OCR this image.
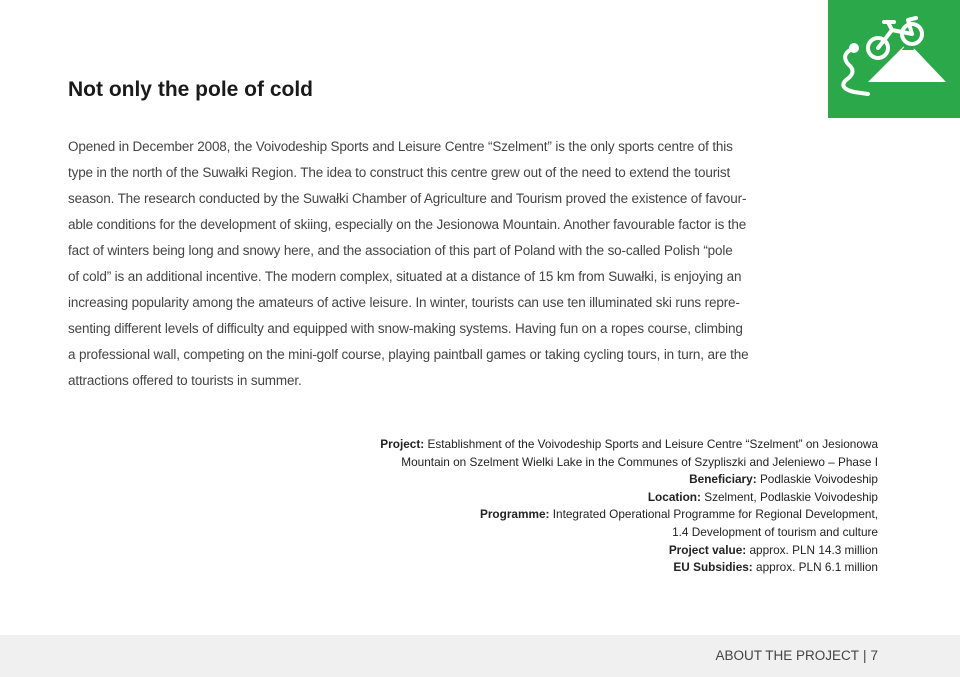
Not only the pole of cold
Opened in December 2008, the Voivodeship Sports and Leisure Centre “Szelment” is the only sports centre of this
type in the north of the Suwałki Region. The idea to construct this centre grew out of the need to extend the tourist
season. The research conducted by the Suwałki Chamber of Agriculture and Tourism proved the existence of favour-
able conditions for the development of skiing, especially on the Jesionowa Mountain. Another favourable factor is the
fact of winters being long and snowy here, and the association of this part of Poland with the so-called Polish “pole
of cold” is an additional incentive. The modern complex, situated at a distance of 15 km from Suwałki, is enjoying an
increasing popularity among the amateurs of active leisure. In winter, tourists can use ten illuminated ski runs repre-
senting different levels of difficulty and equipped with snow-making systems. Having fun on a ropes course, climbing
a professional wall, competing on the mini-golf course, playing paintball games or taking cycling tours, in turn, are the
attractions offered to tourists in summer.
Project: Establishment of the Voivodeship Sports and Leisure Centre “Szelment” on Jesionowa
Mountain on Szelment Wielki Lake in the Communes of Szypliszki and Jeleniewo – Phase I
Beneficiary: Podlaskie Voivodeship
Location: Szelment, Podlaskie Voivodeship
Programme: Integrated Operational Programme for Regional Development,
1.4 Development of tourism and culture
Project value: approx. PLN 14.3 million
EU Subsidies: approx. PLN 6.1 million
ABOUT THE PROJECT | 7
